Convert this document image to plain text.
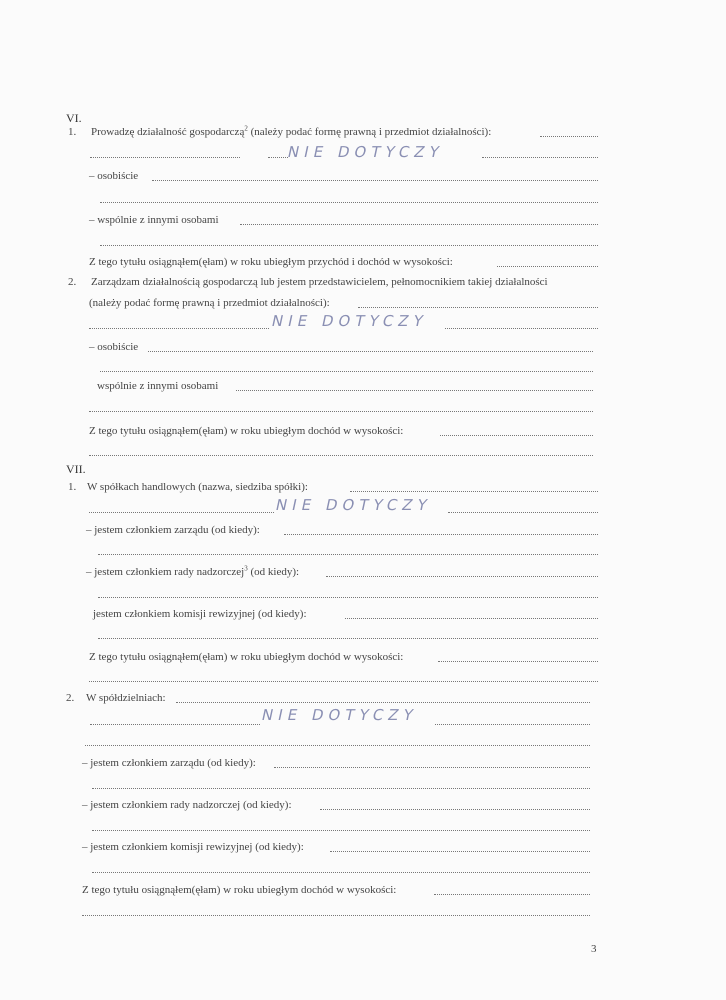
VI.
1. Prowadzę działalność gospodarczą$^2$ (należy podać formę prawną i przedmiot działalności):
NIE DOTYCZY
– osobiście
– wspólnie z innymi osobami
Z tego tytułu osiągnąłem(ęłam) w roku ubiegłym przychód i dochód w wysokości:
2. Zarządzam działalnością gospodarczą lub jestem przedstawicielem, pełnomocnikiem takiej działalności
(należy podać formę prawną i przedmiot działalności):
NIE DOTYCZY
– osobiście
wspólnie z innymi osobami
Z tego tytułu osiągnąłem(ęłam) w roku ubiegłym dochód w wysokości:
VII.
1. W spółkach handlowych (nazwa, siedziba spółki):
NIE DOTYCZY
– jestem członkiem zarządu (od kiedy):
– jestem członkiem rady nadzorczej$^3$ (od kiedy):
jestem członkiem komisji rewizyjnej (od kiedy):
Z tego tytułu osiągnąłem(ęłam) w roku ubiegłym dochód w wysokości:
2. W spółdzielniach:
NIE DOTYCZY
– jestem członkiem zarządu (od kiedy):
– jestem członkiem rady nadzorczej (od kiedy):
– jestem członkiem komisji rewizyjnej (od kiedy):
Z tego tytułu osiągnąłem(ęłam) w roku ubiegłym dochód w wysokości:
3
